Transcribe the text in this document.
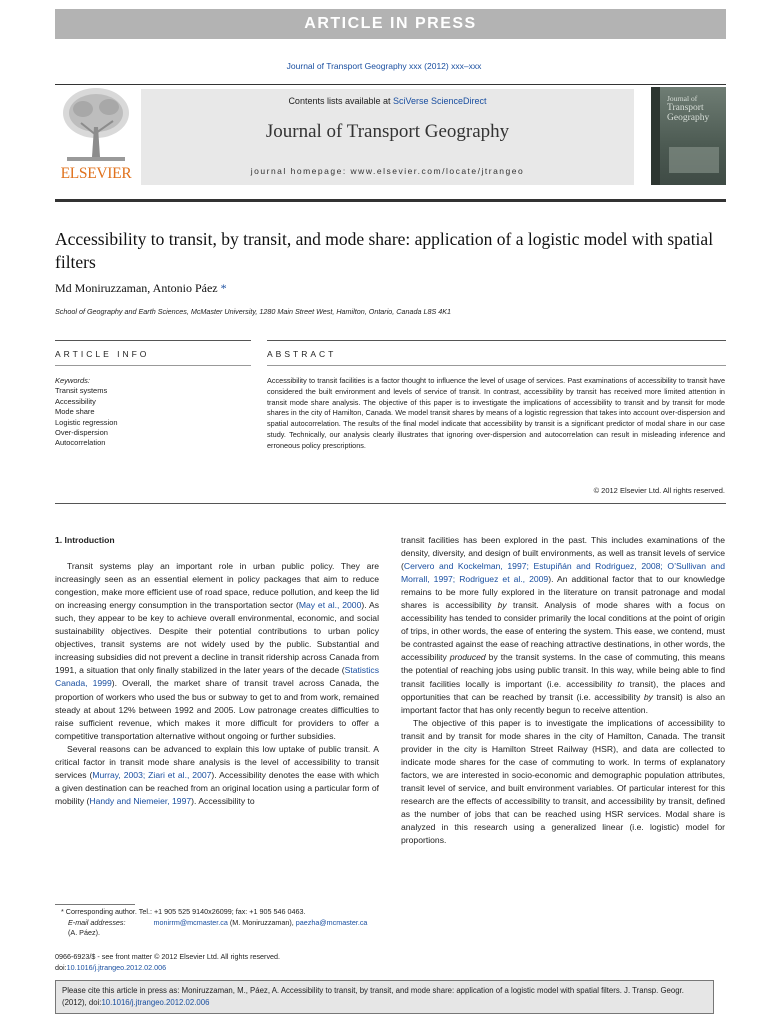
ARTICLE IN PRESS
Journal of Transport Geography xxx (2012) xxx–xxx
ELSEVIER
Contents lists available at SciVerse ScienceDirect
Journal of Transport Geography
journal homepage: www.elsevier.com/locate/jtrangeo
Journal of
Transport
Geography
Accessibility to transit, by transit, and mode share: application of a logistic model with spatial filters
Md Moniruzzaman, Antonio Páez *
School of Geography and Earth Sciences, McMaster University, 1280 Main Street West, Hamilton, Ontario, Canada L8S 4K1
ARTICLE INFO	ABSTRACT
Keywords:
Transit systems
Accessibility
Mode share
Logistic regression
Over-dispersion
Autocorrelation
Accessibility to transit facilities is a factor thought to influence the level of usage of services. Past examinations of accessibility to transit have considered the built environment and levels of service of transit. In contrast, accessibility by transit has received more limited attention in transit mode share analysis. The objective of this paper is to investigate the implications of accessibility to transit and by transit for mode shares in the city of Hamilton, Canada. We model transit shares by means of a logistic regression that takes into account over-dispersion and spatial autocorrelation. The results of the final model indicate that accessibility by transit is a significant predictor of modal share in our case study. Technically, our analysis clearly illustrates that ignoring over-dispersion and autocorrelation can result in misleading inference and erroneous policy prescriptions.
© 2012 Elsevier Ltd. All rights reserved.

1. Introduction

Transit systems play an important role in urban public policy. They are increasingly seen as an essential element in policy packages that aim to reduce congestion, make more efficient use of road space, reduce pollution, and keep the lid on increasing energy consumption in the transportation sector (May et al., 2000). As such, they appear to be key to achieve overall environmental, economic, and social sustainability objectives. Despite their potential contributions to urban policy objectives, transit systems are not widely used by the public. Substantial and increasing subsidies did not prevent a decline in transit ridership across Canada from 1991, a situation that only finally stabilized in the later years of the decade (Statistics Canada, 1999). Overall, the market share of transit travel across Canada, the proportion of workers who used the bus or subway to get to and from work, remained steady at about 12% between 1992 and 2005. Low patronage creates difficulties to raise sufficient revenue, which makes it more difficult for providers to offer a competitive transportation alternative without ongoing or further subsidies.

Several reasons can be advanced to explain this low uptake of public transit. A critical factor in transit mode share analysis is the level of accessibility to transit services (Murray, 2003; Ziari et al., 2007). Accessibility denotes the ease with which a given destination can be reached from an original location using a particular form of mobility (Handy and Niemeier, 1997). Accessibility to

transit facilities has been explored in the past. This includes examinations of the density, diversity, and design of built environments, as well as transit levels of service (Cervero and Kockelman, 1997; Estupiñán and Rodriguez, 2008; O’Sullivan and Morrall, 1997; Rodriguez et al., 2009). An additional factor that to our knowledge remains to be more fully explored in the literature on transit patronage and modal shares is accessibility by transit. Analysis of mode shares with a focus on accessibility has tended to consider primarily the local conditions at the point of origin of trips, in other words, the ease of entering the system. This ease, we contend, must be contrasted against the ease of reaching attractive destinations, in other words, the accessibility produced by the transit systems. In the case of commuting, this means the potential of reaching jobs using public transit. In this way, while being able to find transit facilities locally is important (i.e. accessibility to transit), the places and opportunities that can be reached by transit (i.e. accessibility by transit) is also an important factor that has only recently begun to receive attention.

The objective of this paper is to investigate the implications of accessibility to transit and by transit for mode shares in the city of Hamilton, Canada. The transit provider in the city is Hamilton Street Railway (HSR), and data are collected to indicate mode shares for the case of commuting to work. In terms of explanatory factors, we are interested in socio-economic and demographic population attributes, transit level of service, and built environment variables. Of particular interest for this research are the effects of accessibility to transit, and accessibility by transit, defined as the number of jobs that can be reached using HSR services. Modal share is analyzed in this research using a generalized linear (i.e. logistic) model for proportions.

* Corresponding author. Tel.: +1 905 525 9140x26099; fax: +1 905 546 0463.
E-mail addresses:	monirrm@mcmaster.ca (M. Moniruzzaman), paezha@mcmaster.ca (A. Páez).
0966-6923/$ - see front matter © 2012 Elsevier Ltd. All rights reserved.
doi:10.1016/j.jtrangeo.2012.02.006
Please cite this article in press as: Moniruzzaman, M., Páez, A. Accessibility to transit, by transit, and mode share: application of a logistic model with spatial filters. J. Transp. Geogr. (2012), doi:10.1016/j.jtrangeo.2012.02.006
